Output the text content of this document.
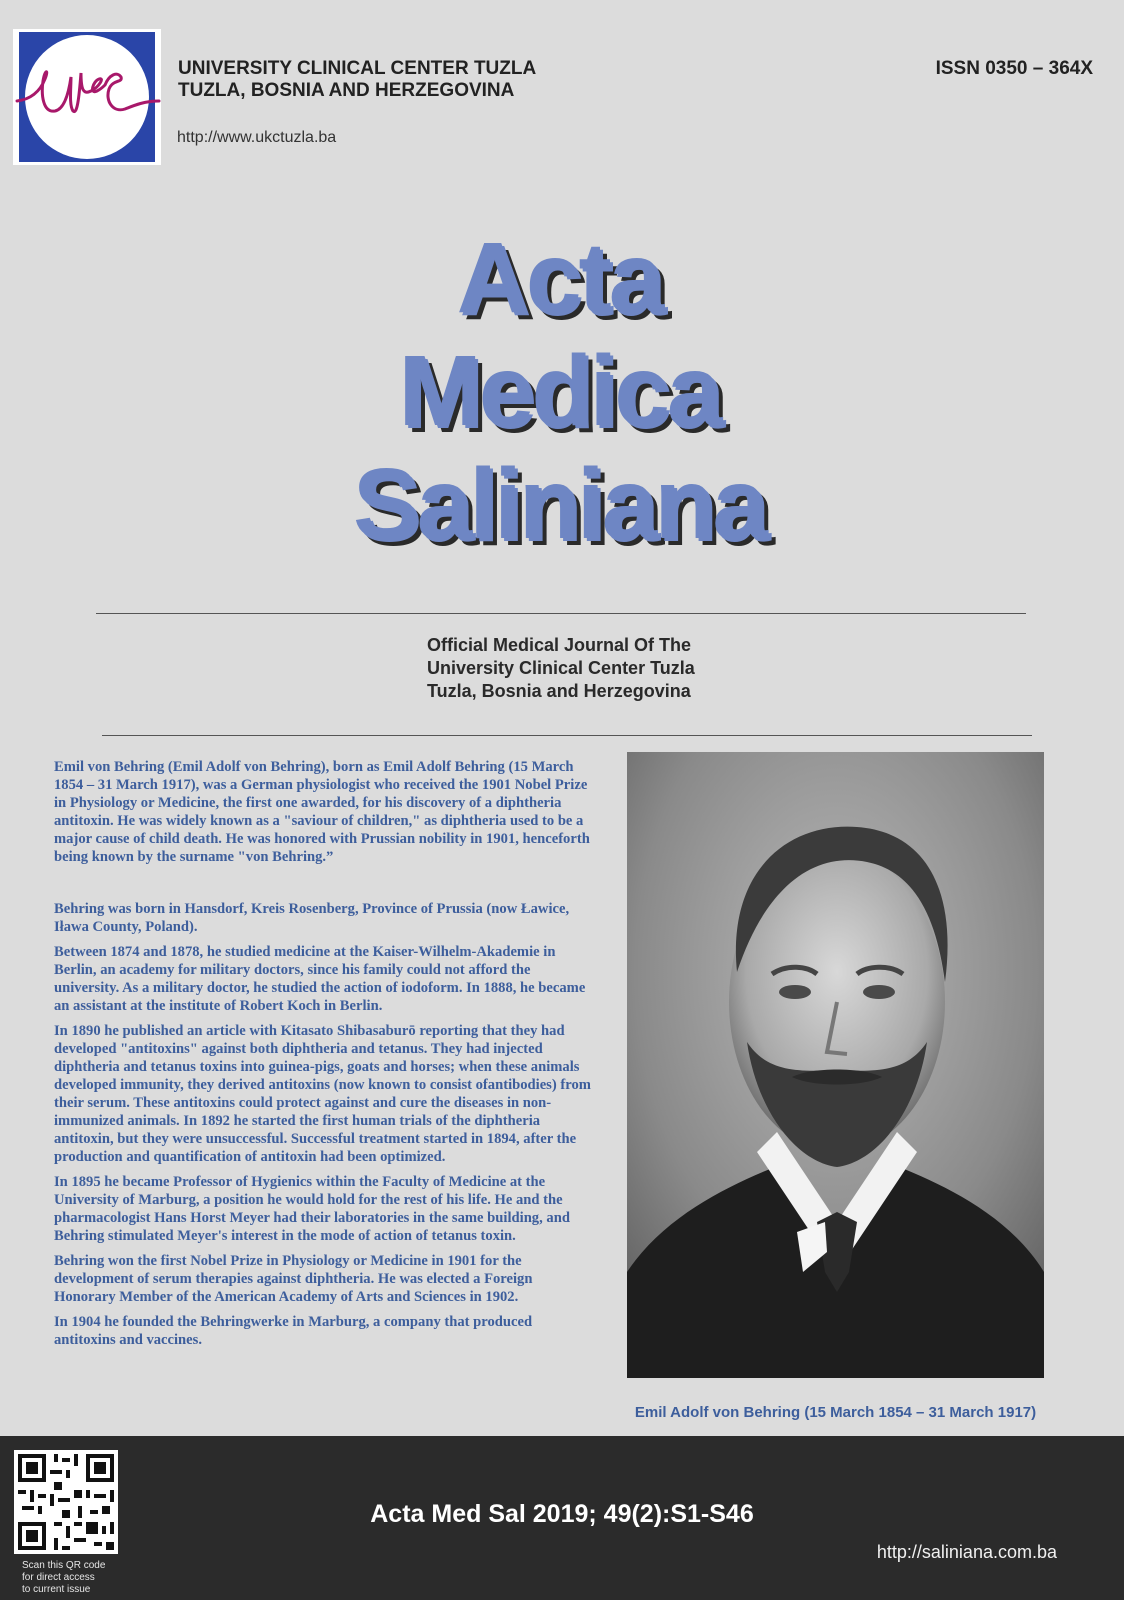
UNIVERSITY CLINICAL CENTER TUZLA
TUZLA, BOSNIA AND HERZEGOVINA
http://www.ukctuzla.ba
ISSN 0350 – 364X
Acta
Medica
Saliniana
Official Medical Journal Of The
University Clinical Center Tuzla
Tuzla, Bosnia and Herzegovina

Emil von Behring (Emil Adolf von Behring), born as Emil Adolf Behring (15 March 1854 – 31 March 1917), was a German physiologist who received the 1901 Nobel Prize in Physiology or Medicine, the first one awarded, for his discovery of a diphtheria antitoxin. He was widely known as a "saviour of children," as diphtheria used to be a major cause of child death. He was honored with Prussian nobility in 1901, henceforth being known by the surname "von Behring.”

Behring was born in Hansdorf, Kreis Rosenberg, Province of Prussia (now Ławice, Iława County, Poland).

Between 1874 and 1878, he studied medicine at the Kaiser-Wilhelm-Akademie in Berlin, an academy for military doctors, since his family could not afford the university. As a military doctor, he studied the action of iodoform. In 1888, he became an assistant at the institute of Robert Koch in Berlin.

In 1890 he published an article with Kitasato Shibasaburō reporting that they had developed "antitoxins" against both diphtheria and tetanus. They had injected diphtheria and tetanus toxins into guinea-pigs, goats and horses; when these animals developed immunity, they derived antitoxins (now known to consist ofantibodies) from their serum. These antitoxins could protect against and cure the diseases in non-immunized animals. In 1892 he started the first human trials of the diphtheria antitoxin, but they were unsuccessful. Successful treatment started in 1894, after the production and quantification of antitoxin had been optimized.

In 1895 he became Professor of Hygienics within the Faculty of Medicine at the University of Marburg, a position he would hold for the rest of his life. He and the pharmacologist Hans Horst Meyer had their laboratories in the same building, and Behring stimulated Meyer's interest in the mode of action of tetanus toxin.

Behring won the first Nobel Prize in Physiology or Medicine in 1901 for the development of serum therapies against diphtheria. He was elected a Foreign Honorary Member of the American Academy of Arts and Sciences in 1902.

In 1904 he founded the Behringwerke in Marburg, a company that produced antitoxins and vaccines.

Emil Adolf von Behring (15 March 1854 – 31 March 1917)
Scan this QR code
for direct access
to current issue
Acta Med Sal 2019; 49(2):S1-S46
http://saliniana.com.ba
